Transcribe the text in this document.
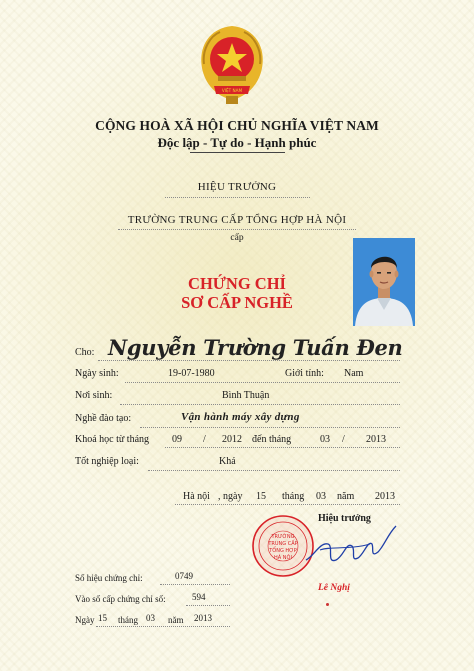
VIỆT NAM
CỘNG HOÀ XÃ HỘI CHỦ NGHĨA VIỆT NAM
Độc lập - Tự do - Hạnh phúc
HIỆU TRƯỞNG
TRƯỜNG TRUNG CẤP TỔNG HỢP HÀ NỘI
cấp
CHỨNG CHỈ
SƠ CẤP NGHỀ
Cho: Nguyễn Trường Tuấn Đen
Ngày sinh:	19-07-1980	Giới tính: Nam
Nơi sinh:	Bình Thuận
Nghề đào tạo:	Vận hành máy xây dựng
Khoá học từ tháng 09 / 2012 đến tháng	03 / 2013
Tốt nghiệp loại:	Khá
Hà nội , ngày 15 tháng 03 năm 2013
Hiệu trưởng
TRƯỜNG
TRUNG CẤP
TỔNG HỢP
HÀ NỘI
Lê Nghị
Số hiệu chứng chỉ:	0749
Vào số cấp chứng chỉ số:	594
Ngày 15 tháng 03 năm 2013
